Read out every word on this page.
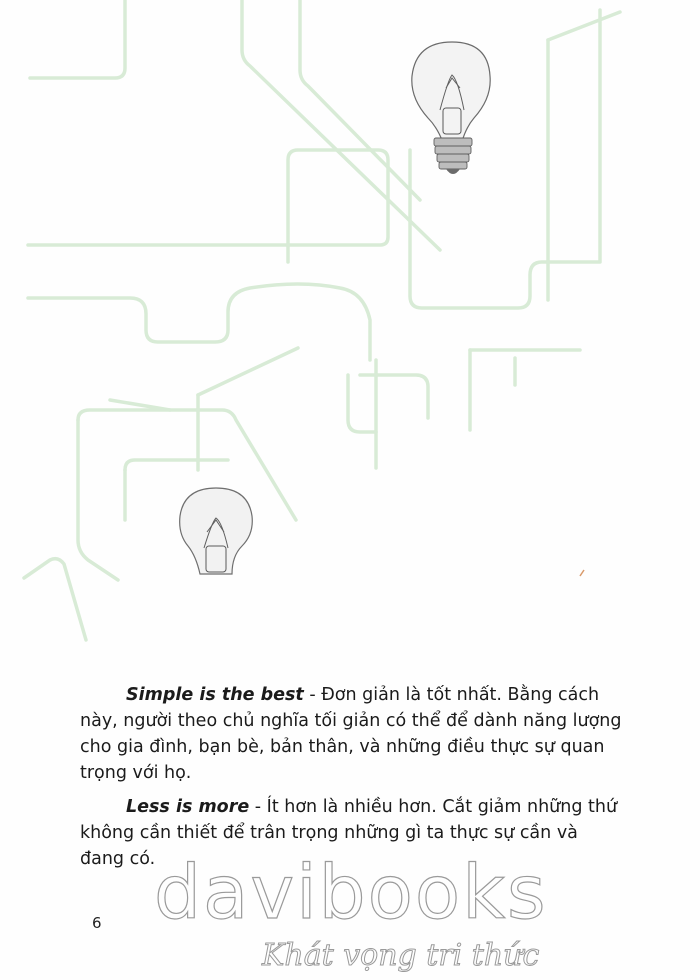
Simple is the best - Đơn giản là tốt nhất. Bằng cách này, người theo chủ nghĩa tối giản có thể để dành năng lượng cho gia đình, bạn bè, bản thân, và những điều thực sự quan trọng với họ.

Less is more - Ít hơn là nhiều hơn. Cắt giảm những thứ không cần thiết để trân trọng những gì ta thực sự cần và đang có.

6 davibooks
Khát vọng tri thức
